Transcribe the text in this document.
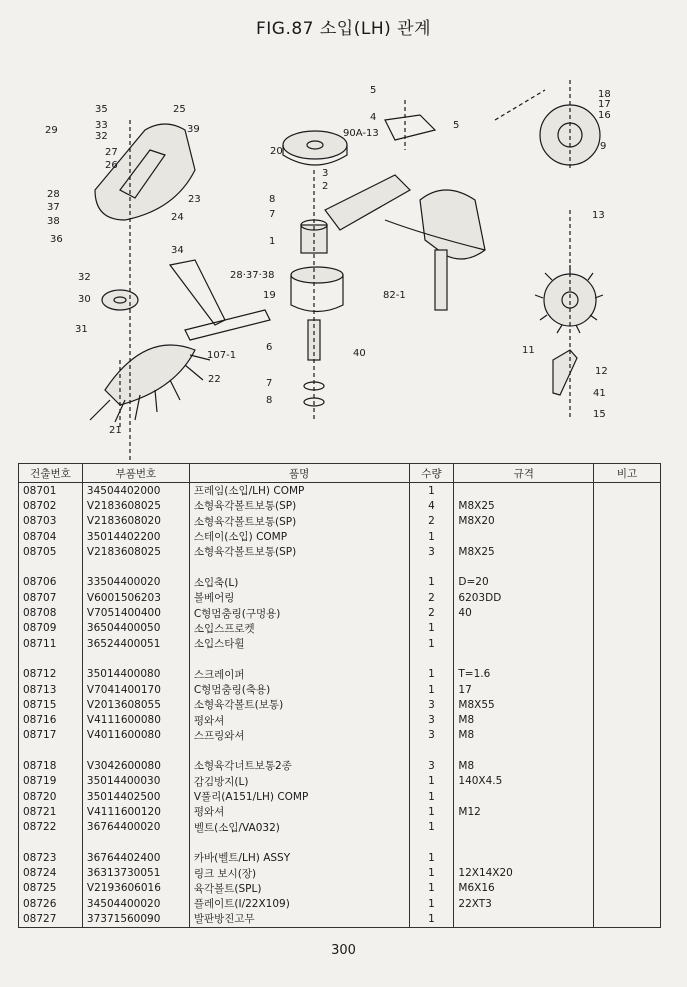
FIG.87 소입(LH) 관계
35	25
29	33
32
39
27
26
28
37
38
23
24
36
34
32	28·37·38
30
31
107-1
22
21
5
4
90A-13
5
20
3
2
8
7
1
19
6
40
7
8
82-1
18
17
16
9
13
11
12
41
15
건출번호	부품번호	품명	수량	규격	비고
08701	34504402000	프레임(소입/LH) COMP	1		
08702	V2183608025	소형육각볼트보통(SP)	4	M8X25	
08703	V2183608020	소형육각볼트보통(SP)	2	M8X20	
08704	35014402200	스테이(소입) COMP	1		
08705	V2183608025	소형육각볼트보통(SP)	3	M8X25	

08706	33504400020	소입축(L)	1	D=20	
08707	V6001506203	볼베어링	2	6203DD	
08708	V7051400400	C형멈춤링(구멍용)	2	40	
08709	36504400050	소입스프로켓	1		
08711	36524400051	소입스타휠	1		

08712	35014400080	스크레이퍼	1	T=1.6	
08713	V7041400170	C형멈춤링(축용)	1	17	
08715	V2013608055	소형육각볼트(보통)	3	M8X55	
08716	V4111600080	평와셔	3	M8	
08717	V4011600080	스프링와셔	3	M8	

08718	V3042600080	소형육각너트보통2종	3	M8	
08719	35014400030	감김방지(L)	1	140X4.5	
08720	35014402500	V풀리(A151/LH) COMP	1		
08721	V4111600120	평와셔	1	M12	
08722	36764400020	벨트(소입/VA032)	1		

08723	36764402400	카바(벨트/LH) ASSY	1		
08724	36313730051	링크 보시(장)	1	12X14X20	
08725	V2193606016	육각볼트(SPL)	1	M6X16	
08726	34504400020	플레이트(I/22X109)	1	22XT3	
08727	37371560090	발판방진고무	1		
300
